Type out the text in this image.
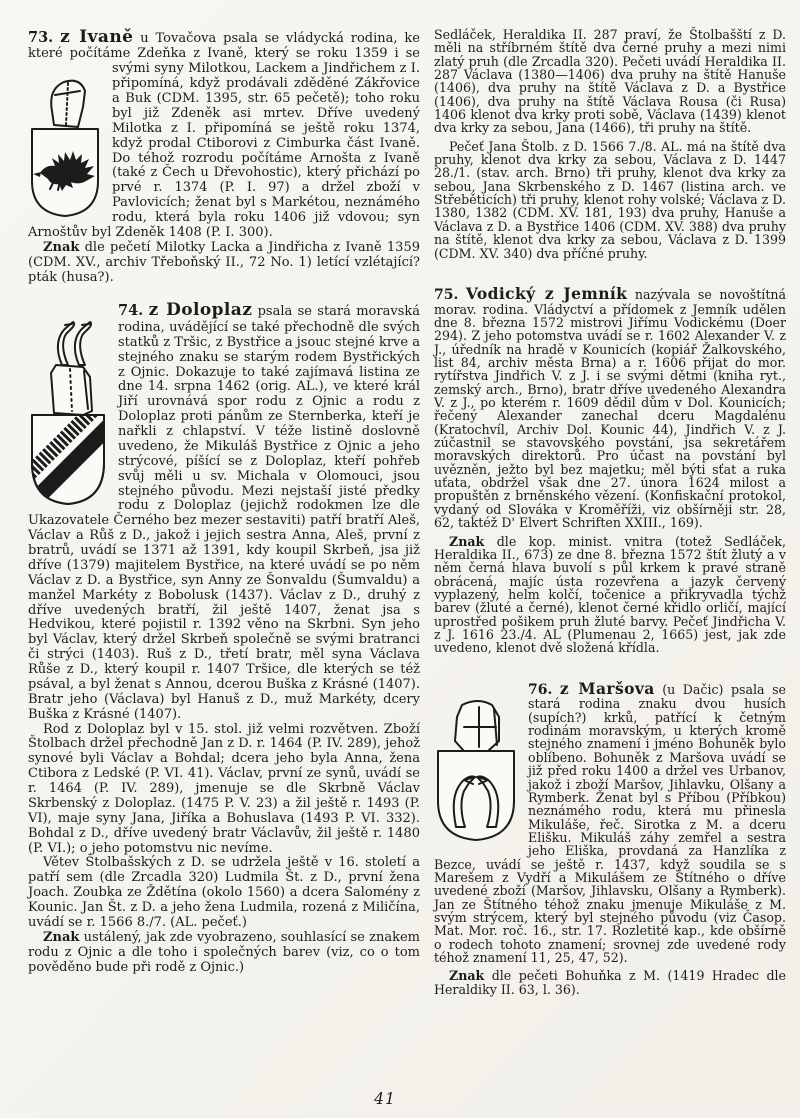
73. z Ivaně u Tovačova psala se vládycká rodina, ke které počítáme Zdeňka z Ivaně, který se roku 1359 i se svými syny Milotkou, Lackem a Jindřichem z I. připomíná, když prodávali zděděné Zákřovice a Buk (CDM. 1395, str. 65 pečetě); toho roku byl již Zdeněk asi mrtev. Dříve uvedený Milotka z I. připomíná se ještě roku 1374, když prodal Ctiborovi z Cimburka část Ivaně. Do téhož rozrodu počítáme Arnošta z Ivaně (také z Čech u Dřevohostic), který přichází po prvé r. 1374 (P. I. 97) a držel zboží v Pavlovicích; ženat byl s Markétou, neznámého rodu, která byla roku 1406 již vdovou; syn Arnoštův byl Zdeněk 1408 (P. I. 300).

Znak dle pečetí Milotky Lacka a Jindřicha z Ivaně 1359 (CDM. XV., archiv Třeboňský II., 72 No. 1) letící vzlétající? pták (husa?).

74. z Doloplaz psala se stará moravská rodina, uvádějící se také přechodně dle svých statků z Tršic, z Bystřice a jsouc stejné krve a stejného znaku se starým rodem Bystřických z Ojnic. Dokazuje to také zajímavá listina ze dne 14. srpna 1462 (orig. AL.), ve které král Jiří urovnává spor rodu z Ojnic a rodu z Doloplaz proti pánům ze Sternberka, kteří je nařkli z chlapství. V téže listině doslovně uvedeno, že Mikuláš Bystřice z Ojnic a jeho strýcové, píšící se z Doloplaz, kteří pohřeb svůj měli u sv. Michala v Olomouci, jsou stejného původu. Mezi nejstaší jisté předky rodu z Doloplaz (jejichž rodokmen lze dle Ukazovatele Černého bez mezer sestaviti) patří bratří Aleš, Václav a Růš z D., jakož i jejich sestra Anna, Aleš, první z bratrů, uvádí se 1371 až 1391, kdy koupil Skrbeň, jsa již dříve (1379) majitelem Bystřice, na které uvádí se po něm Václav z D. a Bystřice, syn Anny ze Šonvaldu (Šumvaldu) a manžel Markéty z Bobolusk (1437). Václav z D., druhý z dříve uvedených bratří, žil ještě 1407, ženat jsa s Hedvikou, které pojistil r. 1392 věno na Skrbni. Syn jeho byl Václav, který držel Skrbeň společně se svými bratranci či strýci (1403). Ruš z D., třetí bratr, měl syna Václava Růše z D., který koupil r. 1407 Tršice, dle kterých se též psával, a byl ženat s Annou, dcerou Buška z Krásné (1407). Bratr jeho (Václava) byl Hanuš z D., muž Markéty, dcery Buška z Krásné (1407).

Rod z Doloplaz byl v 15. stol. již velmi rozvětven. Zboží Štolbach držel přechodně Jan z D. r. 1464 (P. IV. 289), jehož synové byli Václav a Bohdal; dcera jeho byla Anna, žena Ctibora z Ledské (P. VI. 41). Václav, první ze synů, uvádí se r. 1464 (P. IV. 289), jmenuje se dle Skrbně Václav Skrbenský z Doloplaz. (1475 P. V. 23) a žil ještě r. 1493 (P. VI), maje syny Jana, Jiříka a Bohuslava (1493 P. VI. 332). Bohdal z D., dříve uvedený bratr Václavův, žil ještě r. 1480 (P. VI.); o jeho potomstvu nic nevíme.

Větev Štolbašských z D. se udržela ještě v 16. století a patří sem (dle Zrcadla 320) Ludmila Št. z D., první žena Joach. Zoubka ze Ždětína (okolo 1560) a dcera Salomény z Kounic. Jan Št. z D. a jeho žena Ludmila, rozená z Miličína, uvádí se r. 1566 8./7. (AL. pečeť.)

Znak ustálený, jak zde vyobrazeno, souhlasící se znakem rodu z Ojnic a dle toho i společných barev (viz, co o tom pověděno bude při rodě z Ojnic.)

Sedláček, Heraldika II. 287 praví, že Štolbašští z D. měli na stříbrném štítě dva černé pruhy a mezi nimi zlatý pruh (dle Zrcadla 320). Pečeti uvádí Heraldika II. 287 Václava (1380—1406) dva pruhy na štítě Hanuše (1406), dva pruhy na štítě Václava z D. a Bystřice (1406), dva pruhy na štítě Václava Rousa (či Rusa) 1406 klenot dva krky proti sobě, Václava (1439) klenot dva krky za sebou, Jana (1466), tři pruhy na štítě.

Pečeť Jana Štolb. z D. 1566 7./8. AL. má na štítě dva pruhy, klenot dva krky za sebou, Václava z D. 1447 28./1. (stav. arch. Brno) tři pruhy, klenot dva krky za sebou, Jana Skrbenského z D. 1467 (listina arch. ve Střeběticích) tři pruhy, klenot rohy volské; Václava z D. 1380, 1382 (CDM. XV. 181, 193) dva pruhy, Hanuše a Václava z D. a Bystřice 1406 (CDM. XV. 388) dva pruhy na štítě, klenot dva krky za sebou, Václava z D. 1399 (CDM. XV. 340) dva příčné pruhy.

75. Vodický z Jemník nazývala se novoštítná morav. rodina. Vládyctví a přídomek z Jemník udělen dne 8. března 1572 mistrovi Jiřímu Vodickému (Doer 294). Z jeho potomstva uvádí se r. 1602 Alexander V. z J., úředník na hradě v Kounicích (kopiář Žalkovského, list 84, archiv města Brna) a r. 1606 přijat do mor. rytířstva Jindřich V. z J. i se svými dětmi (kniha ryt., zemský arch., Brno), bratr dříve uvedeného Alexandra V. z J., po kterém r. 1609 dědil dům v Dol. Kounicích; řečený Alexander zanechal dceru Magdalénu (Kratochvíl, Archiv Dol. Kounic 44), Jindřich V. z J. zúčastnil se stavovského povstání, jsa sekretářem moravských direktorů. Pro účast na povstání byl uvězněn, ježto byl bez majetku; měl býti sťat a ruka uťata, obdržel však dne 27. února 1624 milost a propuštěn z brněnského vězení. (Konfiskační protokol, vydaný od Slováka v Kroměříži, viz obšírněji str. 28, 62, taktéž D' Elvert Schriften XXIII., 169).

Znak dle kop. minist. vnitra (totež Sedláček, Heraldika II., 673) ze dne 8. března 1572 štít žlutý a v něm černá hlava buvolí s půl krkem k pravé straně obrácená, majíc ústa rozevřena a jazyk červený vyplazený, helm kolčí, točenice a přikryvadla týchž barev (žluté a černé), klenot černé křidlo orličí, mající uprostřed pošikem pruh žluté barvy. Pečeť Jindřicha V. z J. 1616 23./4. AL (Plumenau 2, 1665) jest, jak zde uvedeno, klenot dvě složená křídla.

76. z Maršova (u Dačic) psala se stará rodina znaku dvou husích (supích?) krků, patřící k četným rodinám moravským, u kterých kromě stejného znamení i jméno Bohuněk bylo oblíbeno. Bohuněk z Maršova uvádí se již před roku 1400 a držel ves Urbanov, jakož i zboží Maršov, Jihlavku, Olšany a Rymberk. Ženat byl s Příbou (Příbkou) neznámého rodu, která mu přinesla Mikuláše, řeč. Sirotka z M. a dceru Elišku. Mikuláš záhy zemřel a sestra jeho Eliška, provdaná za Hanzlíka z Bezce, uvádí se ještě r. 1437, když soudila se s Marešem z Vydří a Mikulášem ze Štítného o dříve uvedené zboží (Maršov, Jihlavsku, Olšany a Rymberk). Jan ze Štítného téhož znaku jmenuje Mikuláše z M. svým strýcem, který byl stejného původu (viz Časop. Mat. Mor. roč. 16., str. 17. Rozletité kap., kde obšírně o rodech tohoto znamení; srovnej zde uvedené rody téhož znamení 11, 25, 47, 52).

Znak dle pečeti Bohuňka z M. (1419 Hradec dle Heraldiky II. 63, l. 36).

41
